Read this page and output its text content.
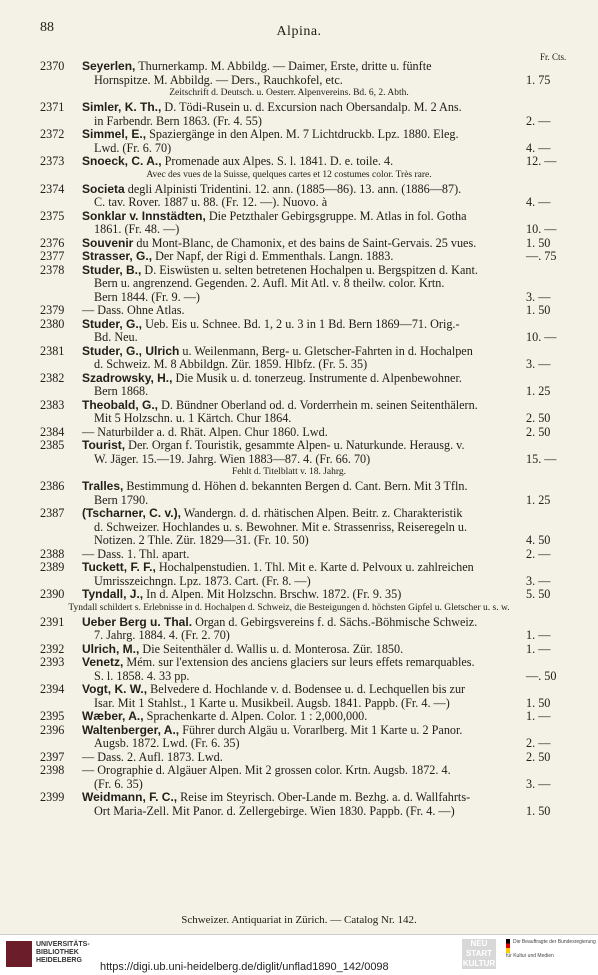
88	Alpina.
Fr. Cts.
2370 Seyerlen, Thurnerkamp. M. Abbildg. — Daimer, Erste, dritte u. fünfte
Hornspitze. M. Abbildg. — Ders., Rauchkofel, etc.	1. 75
Zeitschrift d. Deutsch. u. Oesterr. Alpenvereins. Bd. 6, 2. Abth.
2371 Simler, K. Th., D. Tödi-Rusein u. d. Excursion nach Obersandalp. M. 2 Ans.
in Farbendr. Bern 1863. (Fr. 4. 55)	2. —
2372 Simmel, E., Spaziergänge in den Alpen. M. 7 Lichtdruckb. Lpz. 1880. Eleg.
Lwd. (Fr. 6. 70)	4. —
2373 Snoeck, C. A., Promenade aux Alpes. S. l. 1841. D. e. toile. 4.	12. —
Avec des vues de la Suisse, quelques cartes et 12 costumes color. Très rare.
2374 Societa degli Alpinisti Tridentini. 12. ann. (1885—86). 13. ann. (1886—87).
C. tav. Rover. 1887 u. 88. (Fr. 12. —). Nuovo. à	4. —
2375 Sonklar v. Innstädten, Die Petzthaler Gebirgsgruppe. M. Atlas in fol. Gotha
1861. (Fr. 48. —)	10. —
2376 Souvenir du Mont-Blanc, de Chamonix, et des bains de Saint-Gervais. 25 vues.	1. 50
2377 Strasser, G., Der Napf, der Rigi d. Emmenthals. Langn. 1883.	—. 75
2378 Studer, B., D. Eiswüsten u. selten betretenen Hochalpen u. Bergspitzen d. Kant.
Bern u. angrenzend. Gegenden. 2. Aufl. Mit Atl. v. 8 theilw. color. Krtn.
Bern 1844. (Fr. 9. —)	3. —
2379 — Dass. Ohne Atlas.	1. 50
2380 Studer, G., Ueb. Eis u. Schnee. Bd. 1, 2 u. 3 in 1 Bd. Bern 1869—71. Orig.-
Bd. Neu.	10. —
2381 Studer, G., Ulrich u. Weilenmann, Berg- u. Gletscher-Fahrten in d. Hochalpen
d. Schweiz. M. 8 Abbildgn. Zür. 1859. Hlbfz. (Fr. 5. 35)	3. —
2382 Szadrowsky, H., Die Musik u. d. tonerzeug. Instrumente d. Alpenbewohner.
Bern 1868.	1. 25
2383 Theobald, G., D. Bündner Oberland od. d. Vorderrhein m. seinen Seitenthälern.
Mit 5 Holzschn. u. 1 Kärtch. Chur 1864.	2. 50
2384 — Naturbilder a. d. Rhät. Alpen. Chur 1860. Lwd.	2. 50
2385 Tourist, Der. Organ f. Touristik, gesammte Alpen- u. Naturkunde. Herausg. v.
W. Jäger. 15.—19. Jahrg. Wien 1883—87. 4. (Fr. 66. 70)	15. —
Fehlt d. Titelblatt v. 18. Jahrg.
2386 Tralles, Bestimmung d. Höhen d. bekannten Bergen d. Cant. Bern. Mit 3 Tfln.
Bern 1790.	1. 25
2387 (Tscharner, C. v.), Wandergn. d. d. rhätischen Alpen. Beitr. z. Charakteristik
d. Schweizer. Hochlandes u. s. Bewohner. Mit e. Strassenriss, Reiseregeln u.
Notizen. 2 Thle. Zür. 1829—31. (Fr. 10. 50)	4. 50
2388 — Dass. 1. Thl. apart.	2. —
2389 Tuckett, F. F., Hochalpenstudien. 1. Thl. Mit e. Karte d. Pelvoux u. zahlreichen
Umrisszeichngn. Lpz. 1873. Cart. (Fr. 8. —)	3. —
2390 Tyndall, J., In d. Alpen. Mit Holzschn. Brschw. 1872. (Fr. 9. 35)	5. 50
Tyndall schildert s. Erlebnisse in d. Hochalpen d. Schweiz, die Besteigungen d. höchsten Gipfel u. Gletscher u. s. w.
2391 Ueber Berg u. Thal. Organ d. Gebirgsvereins f. d. Sächs.-Böhmische Schweiz.
7. Jahrg. 1884. 4. (Fr. 2. 70)	1. —
2392 Ulrich, M., Die Seitenthäler d. Wallis u. d. Monterosa. Zür. 1850.	1. —
2393 Venetz, Mém. sur l'extension des anciens glaciers sur leurs effets remarquables.
S. l. 1858. 4. 33 pp.	—. 50
2394 Vogt, K. W., Belvedere d. Hochlande v. d. Bodensee u. d. Lechquellen bis zur
Isar. Mit 1 Stahlst., 1 Karte u. Musikbeil. Augsb. 1841. Pappb. (Fr. 4. —)	1. 50
2395 Wæber, A., Sprachenkarte d. Alpen. Color. 1 : 2,000,000.	1. —
2396 Waltenberger, A., Führer durch Algäu u. Vorarlberg. Mit 1 Karte u. 2 Panor.
Augsb. 1872. Lwd. (Fr. 6. 35)	2. —
2397 — Dass. 2. Aufl. 1873. Lwd.	2. 50
2398 — Orographie d. Algäuer Alpen. Mit 2 grossen color. Krtn. Augsb. 1872. 4.
(Fr. 6. 35)	3. —
2399 Weidmann, F. C., Reise im Steyrisch. Ober-Lande m. Bezhg. a. d. Wallfahrts-
Ort Maria-Zell. Mit Panor. d. Zellergebirge. Wien 1830. Pappb. (Fr. 4. —)	1. 50
Schweizer. Antiquariat in Zürich. — Catalog Nr. 142.
UNIVERSITÄTS-
BIBLIOTHEK
HEIDELBERG
https://digi.ub.uni-heidelberg.de/diglit/unflad1890_142/0098
NEU
START
KULTUR
Die Beauftragte der Bundesregierung für Kultur und Medien
